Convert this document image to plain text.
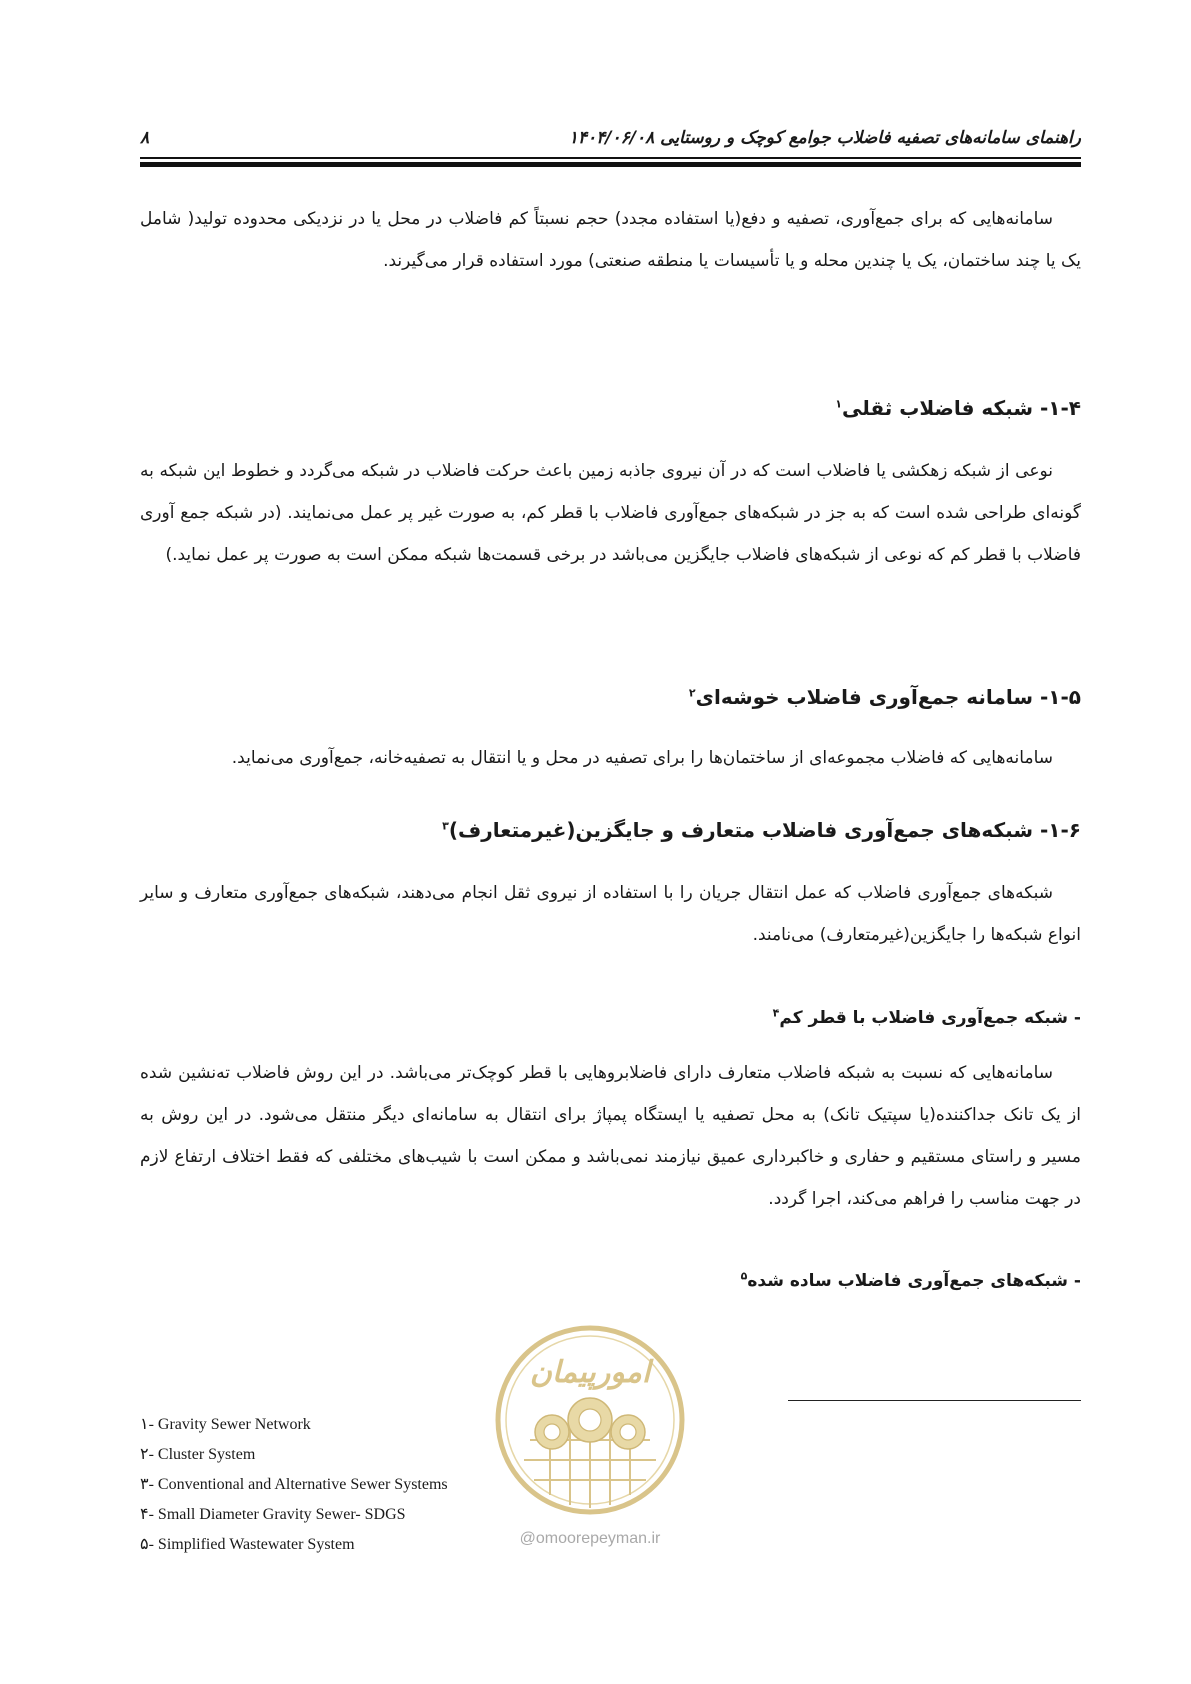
راهنمای سامانه‌های تصفیه فاضلاب جوامع کوچک و روستایی ۱۴۰۴/۰۶/۰۸
۸

سامانه‌هایی که برای جمع‌آوری، تصفیه و دفع(یا استفاده مجدد) حجم نسبتاً کم فاضلاب در محل یا در نزدیکی محدوده تولید( شامل یک یا چند ساختمان، یک یا چندین محله و یا تأسیسات یا منطقه صنعتی) مورد استفاده قرار می‌گیرند.

۱-۴- شبکه فاضلاب ثقلی$^۱$

نوعی از شبکه زهکشی یا فاضلاب است که در آن نیروی جاذبه زمین باعث حرکت فاضلاب در شبکه می‌گردد و خطوط این شبکه به گونه‌ای طراحی شده است که به جز در شبکه‌های جمع‌آوری فاضلاب با قطر کم، به صورت غیر پر عمل می‌نمایند. (در شبکه جمع آوری فاضلاب با قطر کم که نوعی از شبکه‌های فاضلاب جایگزین می‌باشد در برخی قسمت‌ها شبکه ممکن است به صورت پر عمل نماید.)

۱-۵- سامانه جمع‌آوری فاضلاب خوشه‌ای$^۲$

سامانه‌هایی که فاضلاب مجموعه‌ای از ساختمان‌ها را برای تصفیه در محل و یا انتقال به تصفیه‌خانه، جمع‌آوری می‌نماید.

۱-۶- شبکه‌های جمع‌آوری فاضلاب متعارف و جایگزین(غیرمتعارف)$^۳$

شبکه‌های جمع‌آوری فاضلاب که عمل انتقال جریان را با استفاده از نیروی ثقل انجام می‌دهند، شبکه‌های جمع‌آوری متعارف و سایر انواع شبکه‌ها را جایگزین(غیرمتعارف) می‌نامند.

- شبکه جمع‌آوری فاضلاب با قطر کم$^۴$

سامانه‌هایی که نسبت به شبکه فاضلاب متعارف دارای فاضلابروهایی با قطر کوچک‌تر می‌باشد. در این روش فاضلاب ته‌نشین شده از یک تانک جداکننده(یا سپتیک تانک) به محل تصفیه یا ایستگاه پمپاژ برای انتقال به سامانه‌ای دیگر منتقل می‌شود. در این روش به مسیر و راستای مستقیم و حفاری و خاکبرداری عمیق نیازمند نمی‌باشد و ممکن است با شیب‌های مختلفی که فقط اختلاف ارتفاع لازم در جهت مناسب را فراهم می‌کند، اجرا گردد.

- شبکه‌های جمع‌آوری فاضلاب ساده شده$^۵$
امورپیمان
@omoorepeyman.ir
۱- Gravity Sewer Network
۲- Cluster System
۳- Conventional and Alternative Sewer Systems
۴- Small Diameter Gravity Sewer- SDGS
۵- Simplified Wastewater System
